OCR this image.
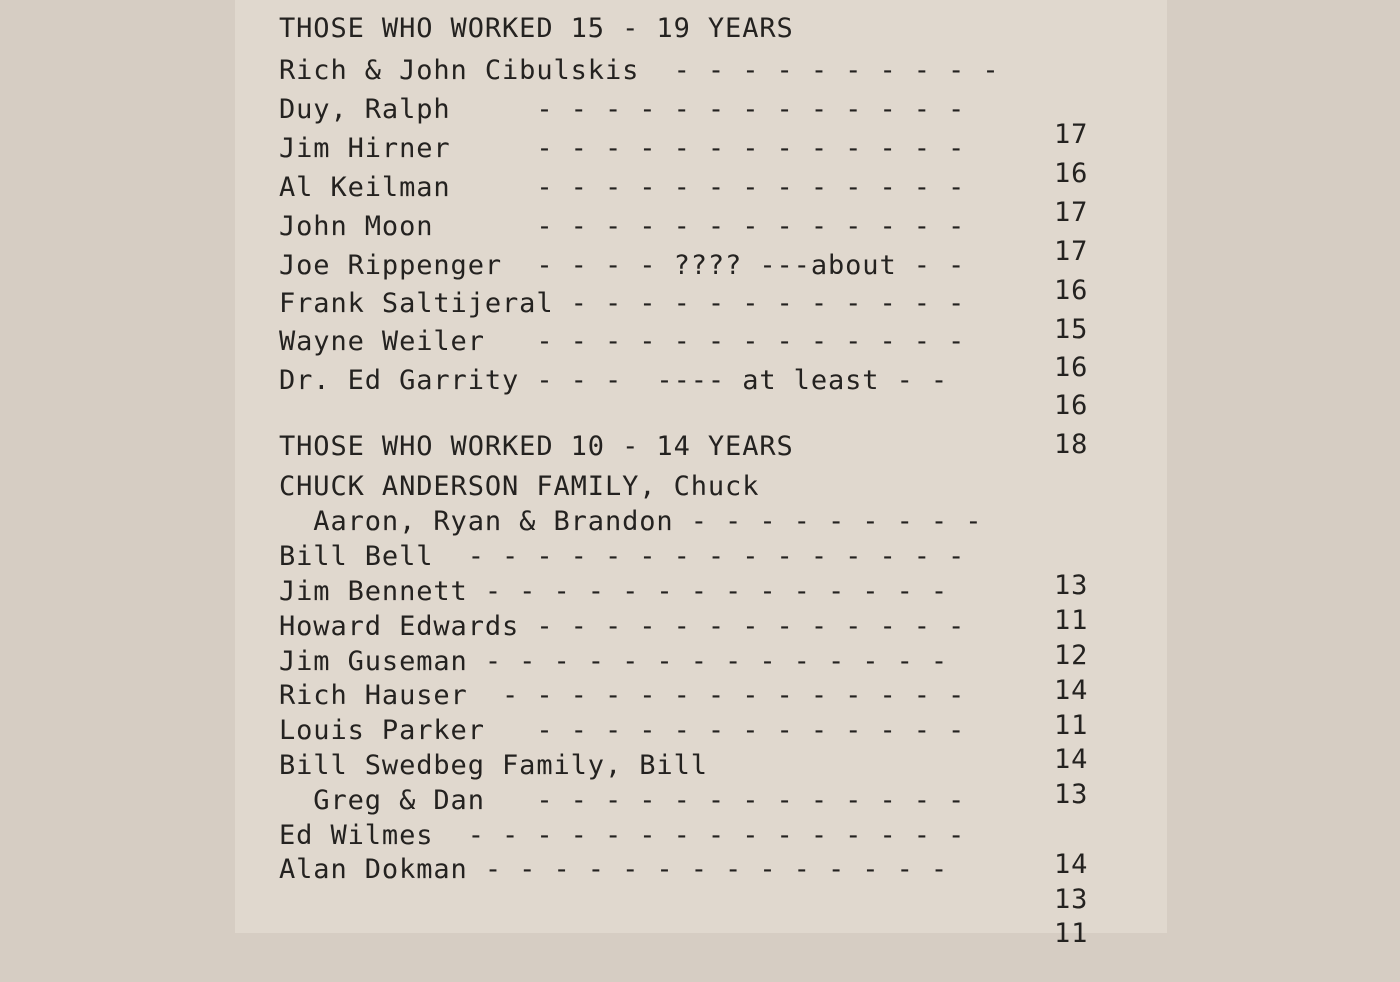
THOSE WHO WORKED 15 - 19 YEARS

Rich & John Cibulskis  - - - - - - - - - -

17

Duy, Ralph     - - - - - - - - - - - - -

16

Jim Hirner     - - - - - - - - - - - - -

17

Al Keilman     - - - - - - - - - - - - -

17

John Moon      - - - - - - - - - - - - -

16

Joe Rippenger  - - - - ???? ---about - -

15

Frank Saltijeral - - - - - - - - - - - -

16

Wayne Weiler   - - - - - - - - - - - - -

16

Dr. Ed Garrity - - -  ---- at least - -

18

THOSE WHO WORKED 10 - 14 YEARS

CHUCK ANDERSON FAMILY, Chuck

Aaron, Ryan & Brandon - - - - - - - - -

13

Bill Bell  - - - - - - - - - - - - - - -

11

Jim Bennett - - - - - - - - - - - - - -

12

Howard Edwards - - - - - - - - - - - - -

14

Jim Guseman - - - - - - - - - - - - - -

11

Rich Hauser  - - - - - - - - - - - - - -

14

Louis Parker   - - - - - - - - - - - - -

13

Bill Swedbeg Family, Bill

Greg & Dan   - - - - - - - - - - - - -

14

Ed Wilmes  - - - - - - - - - - - - - - -

13

Alan Dokman - - - - - - - - - - - - - -

11
